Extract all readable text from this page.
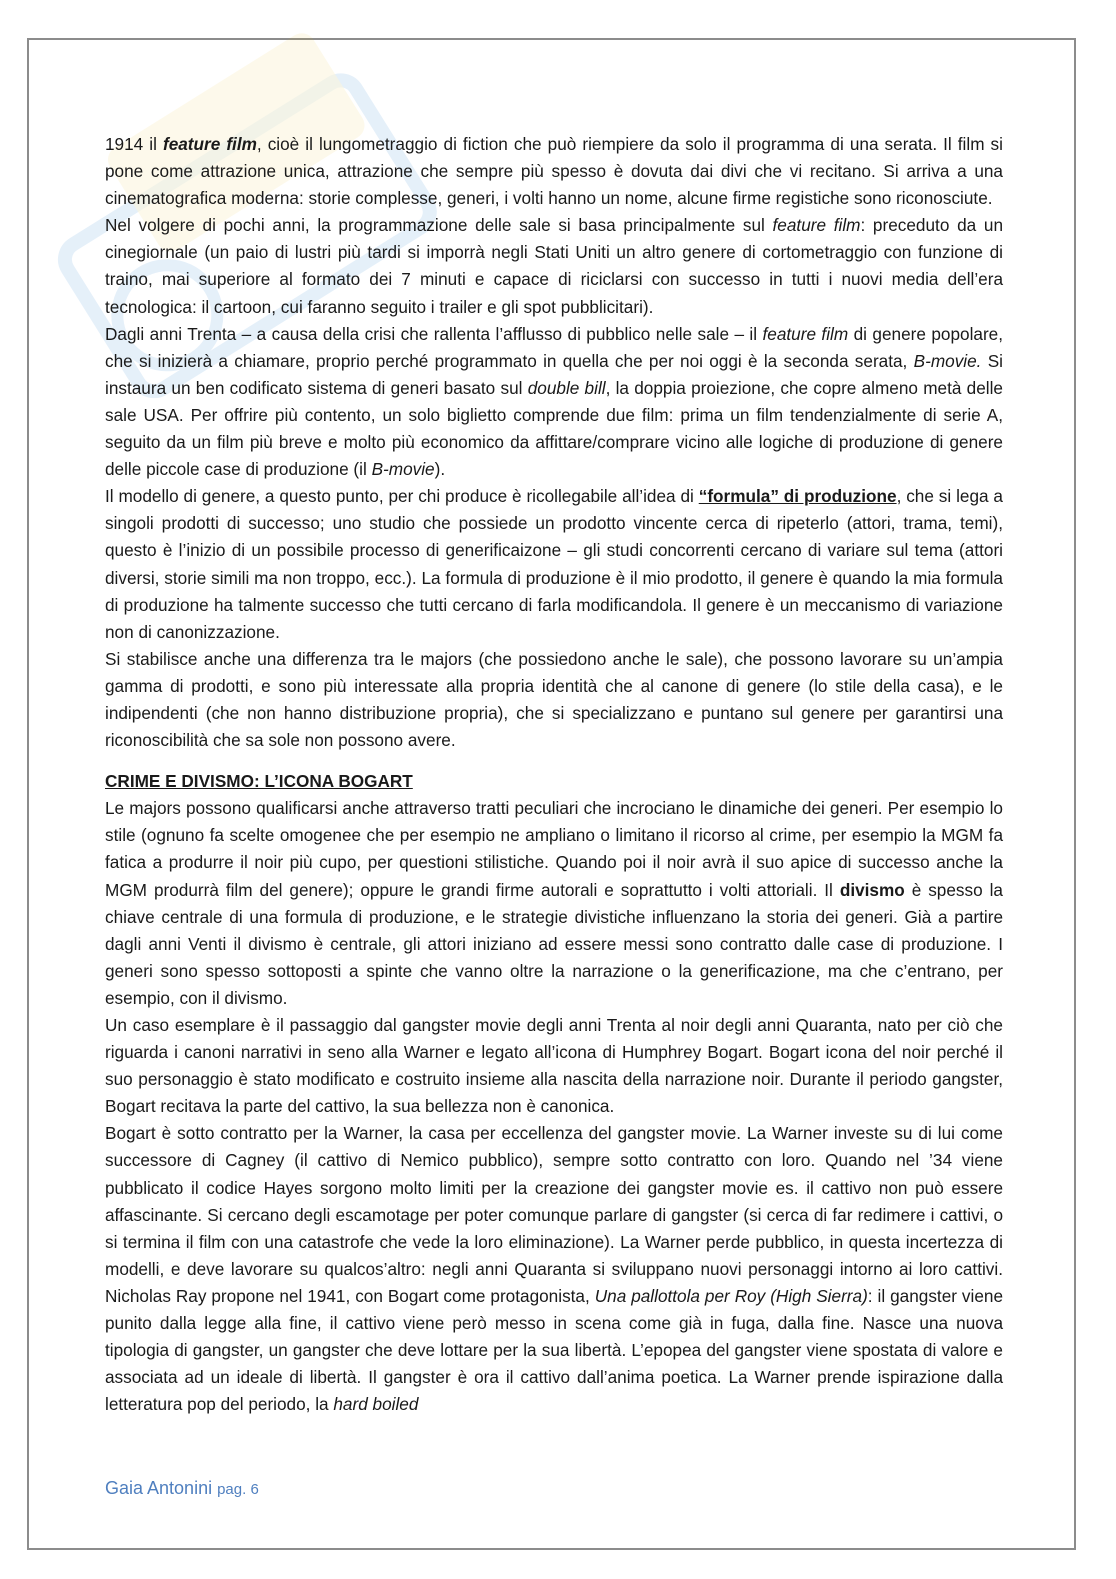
1914 il feature film, cioè il lungometraggio di fiction che può riempiere da solo il programma di una serata. Il film si pone come attrazione unica, attrazione che sempre più spesso è dovuta dai divi che vi recitano. Si arriva a una cinematografica moderna: storie complesse, generi, i volti hanno un nome, alcune firme registiche sono riconosciute.

Nel volgere di pochi anni, la programmazione delle sale si basa principalmente sul feature film: preceduto da un cinegiornale (un paio di lustri più tardi si imporrà negli Stati Uniti un altro genere di cortometraggio con funzione di traino, mai superiore al formato dei 7 minuti e capace di riciclarsi con successo in tutti i nuovi media dell’era tecnologica: il cartoon, cui faranno seguito i trailer e gli spot pubblicitari).

Dagli anni Trenta – a causa della crisi che rallenta l’afflusso di pubblico nelle sale – il feature film di genere popolare, che si inizierà a chiamare, proprio perché programmato in quella che per noi oggi è la seconda serata, B-movie. Si instaura un ben codificato sistema di generi basato sul double bill, la doppia proiezione, che copre almeno metà delle sale USA. Per offrire più contento, un solo biglietto comprende due film: prima un film tendenzialmente di serie A, seguito da un film più breve e molto più economico da affittare/comprare vicino alle logiche di produzione di genere delle piccole case di produzione (il B-movie).

Il modello di genere, a questo punto, per chi produce è ricollegabile all’idea di “formula” di produzione, che si lega a singoli prodotti di successo; uno studio che possiede un prodotto vincente cerca di ripeterlo (attori, trama, temi), questo è l’inizio di un possibile processo di generificaizone – gli studi concorrenti cercano di variare sul tema (attori diversi, storie simili ma non troppo, ecc.). La formula di produzione è il mio prodotto, il genere è quando la mia formula di produzione ha talmente successo che tutti cercano di farla modificandola. Il genere è un meccanismo di variazione non di canonizzazione.

Si stabilisce anche una differenza tra le majors (che possiedono anche le sale), che possono lavorare su un’ampia gamma di prodotti, e sono più interessate alla propria identità che al canone di genere (lo stile della casa), e le indipendenti (che non hanno distribuzione propria), che si specializzano e puntano sul genere per garantirsi una riconoscibilità che sa sole non possono avere.

CRIME E DIVISMO: L’ICONA BOGART

Le majors possono qualificarsi anche attraverso tratti peculiari che incrociano le dinamiche dei generi. Per esempio lo stile (ognuno fa scelte omogenee che per esempio ne ampliano o limitano il ricorso al crime, per esempio la MGM fa fatica a produrre il noir più cupo, per questioni stilistiche. Quando poi il noir avrà il suo apice di successo anche la MGM produrrà film del genere); oppure le grandi firme autorali e soprattutto i volti attoriali. Il divismo è spesso la chiave centrale di una formula di produzione, e le strategie divistiche influenzano la storia dei generi. Già a partire dagli anni Venti il divismo è centrale, gli attori iniziano ad essere messi sono contratto dalle case di produzione. I generi sono spesso sottoposti a spinte che vanno oltre la narrazione o la generificazione, ma che c’entrano, per esempio, con il divismo.

Un caso esemplare è il passaggio dal gangster movie degli anni Trenta al noir degli anni Quaranta, nato per ciò che riguarda i canoni narrativi in seno alla Warner e legato all’icona di Humphrey Bogart. Bogart icona del noir perché il suo personaggio è stato modificato e costruito insieme alla nascita della narrazione noir. Durante il periodo gangster, Bogart recitava la parte del cattivo, la sua bellezza non è canonica.

Bogart è sotto contratto per la Warner, la casa per eccellenza del gangster movie. La Warner investe su di lui come successore di Cagney (il cattivo di Nemico pubblico), sempre sotto contratto con loro. Quando nel ’34 viene pubblicato il codice Hayes sorgono molto limiti per la creazione dei gangster movie es. il cattivo non può essere affascinante. Si cercano degli escamotage per poter comunque parlare di gangster (si cerca di far redimere i cattivi, o si termina il film con una catastrofe che vede la loro eliminazione). La Warner perde pubblico, in questa incertezza di modelli, e deve lavorare su qualcos’altro: negli anni Quaranta si sviluppano nuovi personaggi intorno ai loro cattivi. Nicholas Ray propone nel 1941, con Bogart come protagonista, Una pallottola per Roy (High Sierra): il gangster viene punito dalla legge alla fine, il cattivo viene però messo in scena come già in fuga, dalla fine. Nasce una nuova tipologia di gangster, un gangster che deve lottare per la sua libertà. L’epopea del gangster viene spostata di valore e associata ad un ideale di libertà. Il gangster è ora il cattivo dall’anima poetica. La Warner prende ispirazione dalla letteratura pop del periodo, la hard boiled

Gaia Antonini pag. 6
